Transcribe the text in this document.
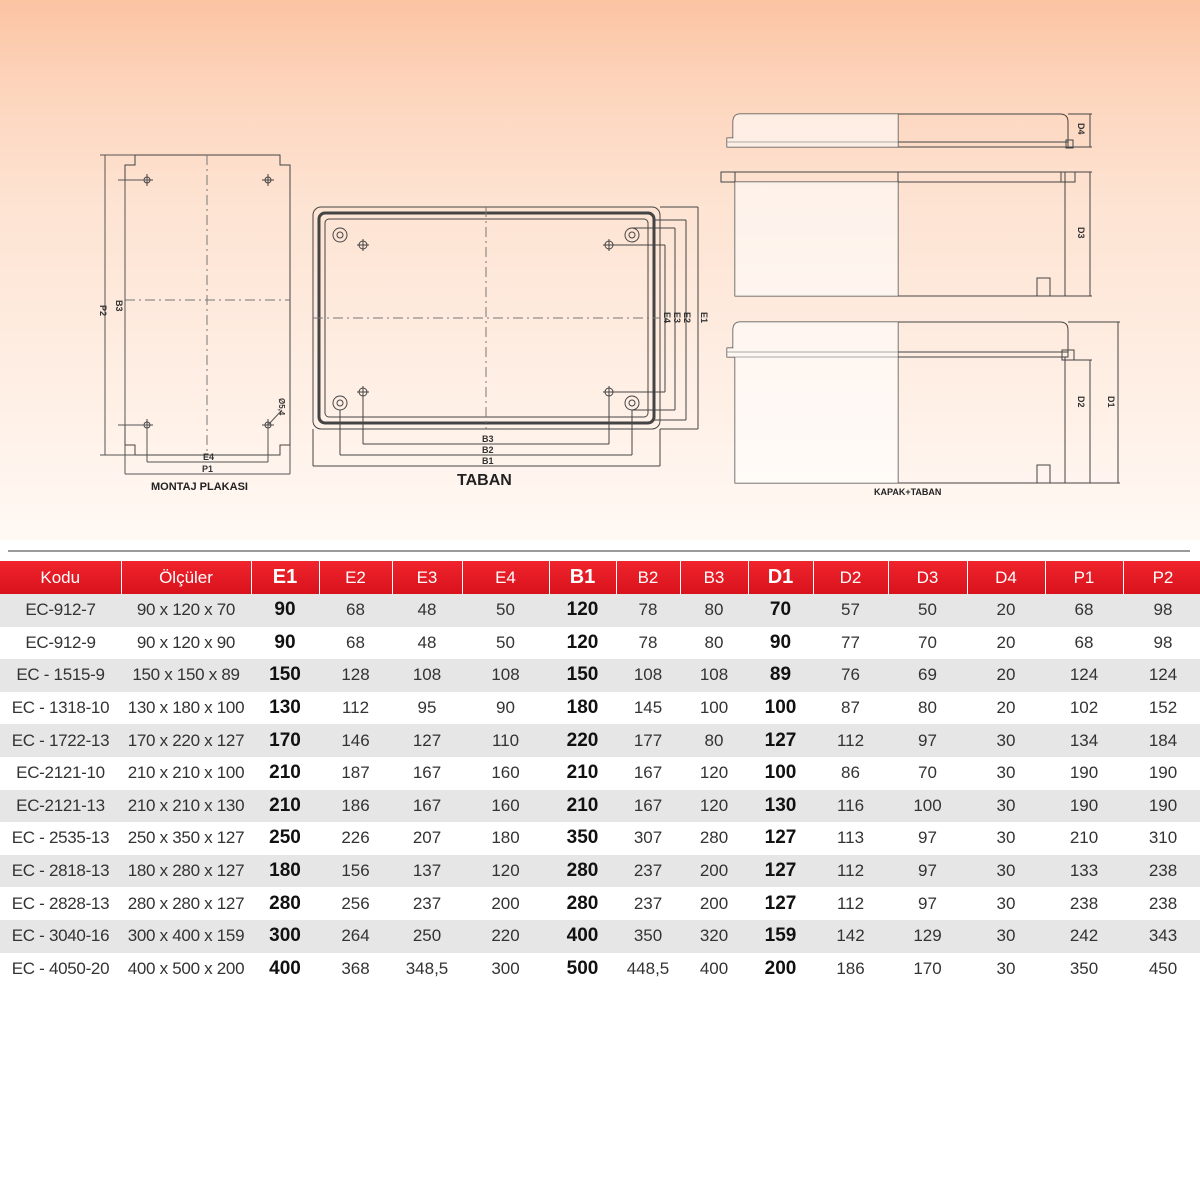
P2 B3
E4
P1
Ø5,4
MONTAJ PLAKASI
B3
B2
B1
E4 E3 E2 E1
TABAN
D4
D3
D2 D1
KAPAK+TABAN
Kodu	Ölçüler	E1	E2	E3	E4	B1	B2	B3	D1	D2	D3	D4	P1	P2
EC-912-7	90 x 120 x 70	90	68	48	50	120	78	80	70	57	50	20	68	98
EC-912-9	90 x 120 x 90	90	68	48	50	120	78	80	90	77	70	20	68	98
EC - 1515-9	150 x 150 x 89	150	128	108	108	150	108	108	89	76	69	20	124	124
EC - 1318-10	130 x 180 x 100	130	112	95	90	180	145	100	100	87	80	20	102	152
EC - 1722-13	170 x 220 x 127	170	146	127	110	220	177	80	127	112	97	30	134	184
EC-2121-10	210 x 210 x 100	210	187	167	160	210	167	120	100	86	70	30	190	190
EC-2121-13	210 x 210 x 130	210	186	167	160	210	167	120	130	116	100	30	190	190
EC - 2535-13	250 x 350 x 127	250	226	207	180	350	307	280	127	113	97	30	210	310
EC - 2818-13	180 x 280 x 127	180	156	137	120	280	237	200	127	112	97	30	133	238
EC - 2828-13	280 x 280 x 127	280	256	237	200	280	237	200	127	112	97	30	238	238
EC - 3040-16	300 x 400 x 159	300	264	250	220	400	350	320	159	142	129	30	242	343
EC - 4050-20	400 x 500 x 200	400	368	348,5	300	500	448,5	400	200	186	170	30	350	450
